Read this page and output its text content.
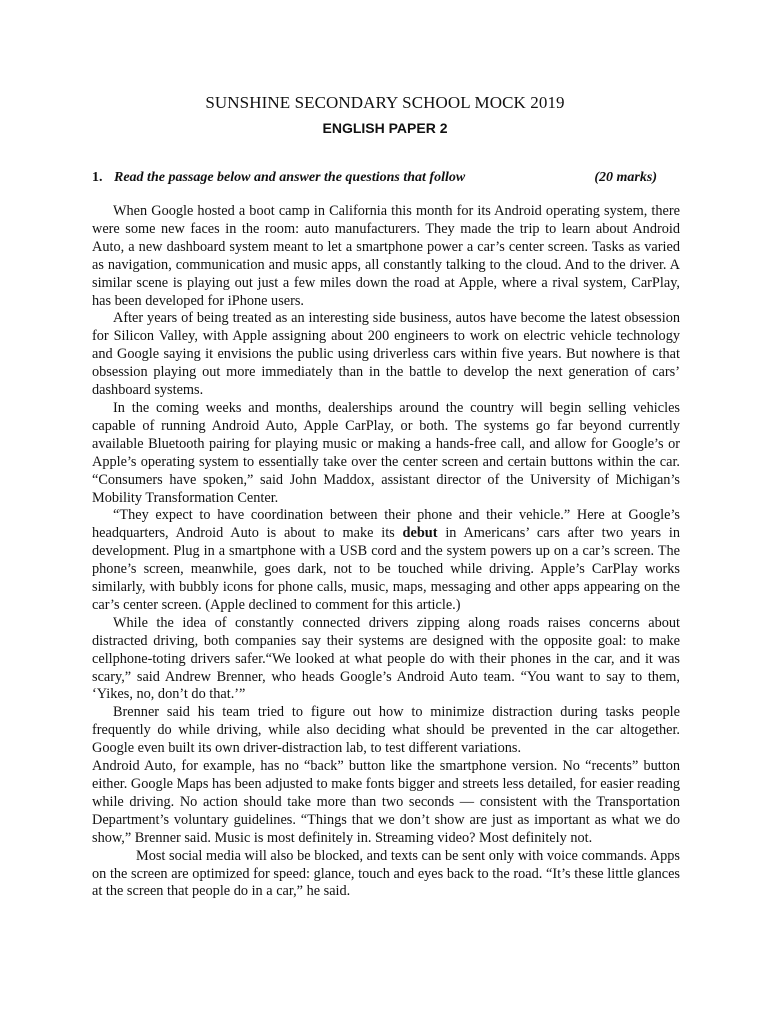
SUNSHINE SECONDARY SCHOOL MOCK 2019
ENGLISH PAPER 2
1. Read the passage below and answer the questions that follow	(20 marks)

When Google hosted a boot camp in California this month for its Android operating system, there were some new faces in the room: auto manufacturers. They made the trip to learn about Android Auto, a new dashboard system meant to let a smartphone power a car’s center screen. Tasks as varied as navigation, communication and music apps, all constantly talking to the cloud. And to the driver. A similar scene is playing out just a few miles down the road at Apple, where a rival system, CarPlay, has been developed for iPhone users.

After years of being treated as an interesting side business, autos have become the latest obsession for Silicon Valley, with Apple assigning about 200 engineers to work on electric vehicle technology and Google saying it envisions the public using driverless cars within five years. But nowhere is that obsession playing out more immediately than in the battle to develop the next generation of cars’ dashboard systems.

In the coming weeks and months, dealerships around the country will begin selling vehicles capable of running Android Auto, Apple CarPlay, or both. The systems go far beyond currently available Bluetooth pairing for playing music or making a hands-free call, and allow for Google’s or Apple’s operating system to essentially take over the center screen and certain buttons within the car. “Consumers have spoken,” said John Maddox, assistant director of the University of Michigan’s Mobility Transformation Center.

“They expect to have coordination between their phone and their vehicle.” Here at Google’s headquarters, Android Auto is about to make its debut in Americans’ cars after two years in development. Plug in a smartphone with a USB cord and the system powers up on a car’s screen. The phone’s screen, meanwhile, goes dark, not to be touched while driving. Apple’s CarPlay works similarly, with bubbly icons for phone calls, music, maps, messaging and other apps appearing on the car’s center screen. (Apple declined to comment for this article.)

While the idea of constantly connected drivers zipping along roads raises concerns about distracted driving, both companies say their systems are designed with the opposite goal: to make cellphone-toting drivers safer.“We looked at what people do with their phones in the car, and it was scary,” said Andrew Brenner, who heads Google’s Android Auto team. “You want to say to them, ‘Yikes, no, don’t do that.’”

Brenner said his team tried to figure out how to minimize distraction during tasks people frequently do while driving, while also deciding what should be prevented in the car altogether. Google even built its own driver-distraction lab, to test different variations.

Android Auto, for example, has no “back” button like the smartphone version. No “recents” button either. Google Maps has been adjusted to make fonts bigger and streets less detailed, for easier reading while driving. No action should take more than two seconds — consistent with the Transportation Department’s voluntary guidelines. “Things that we don’t show are just as important as what we do show,” Brenner said. Music is most definitely in. Streaming video? Most definitely not.

Most social media will also be blocked, and texts can be sent only with voice commands. Apps on the screen are optimized for speed: glance, touch and eyes back to the road. “It’s these little glances at the screen that people do in a car,” he said.
